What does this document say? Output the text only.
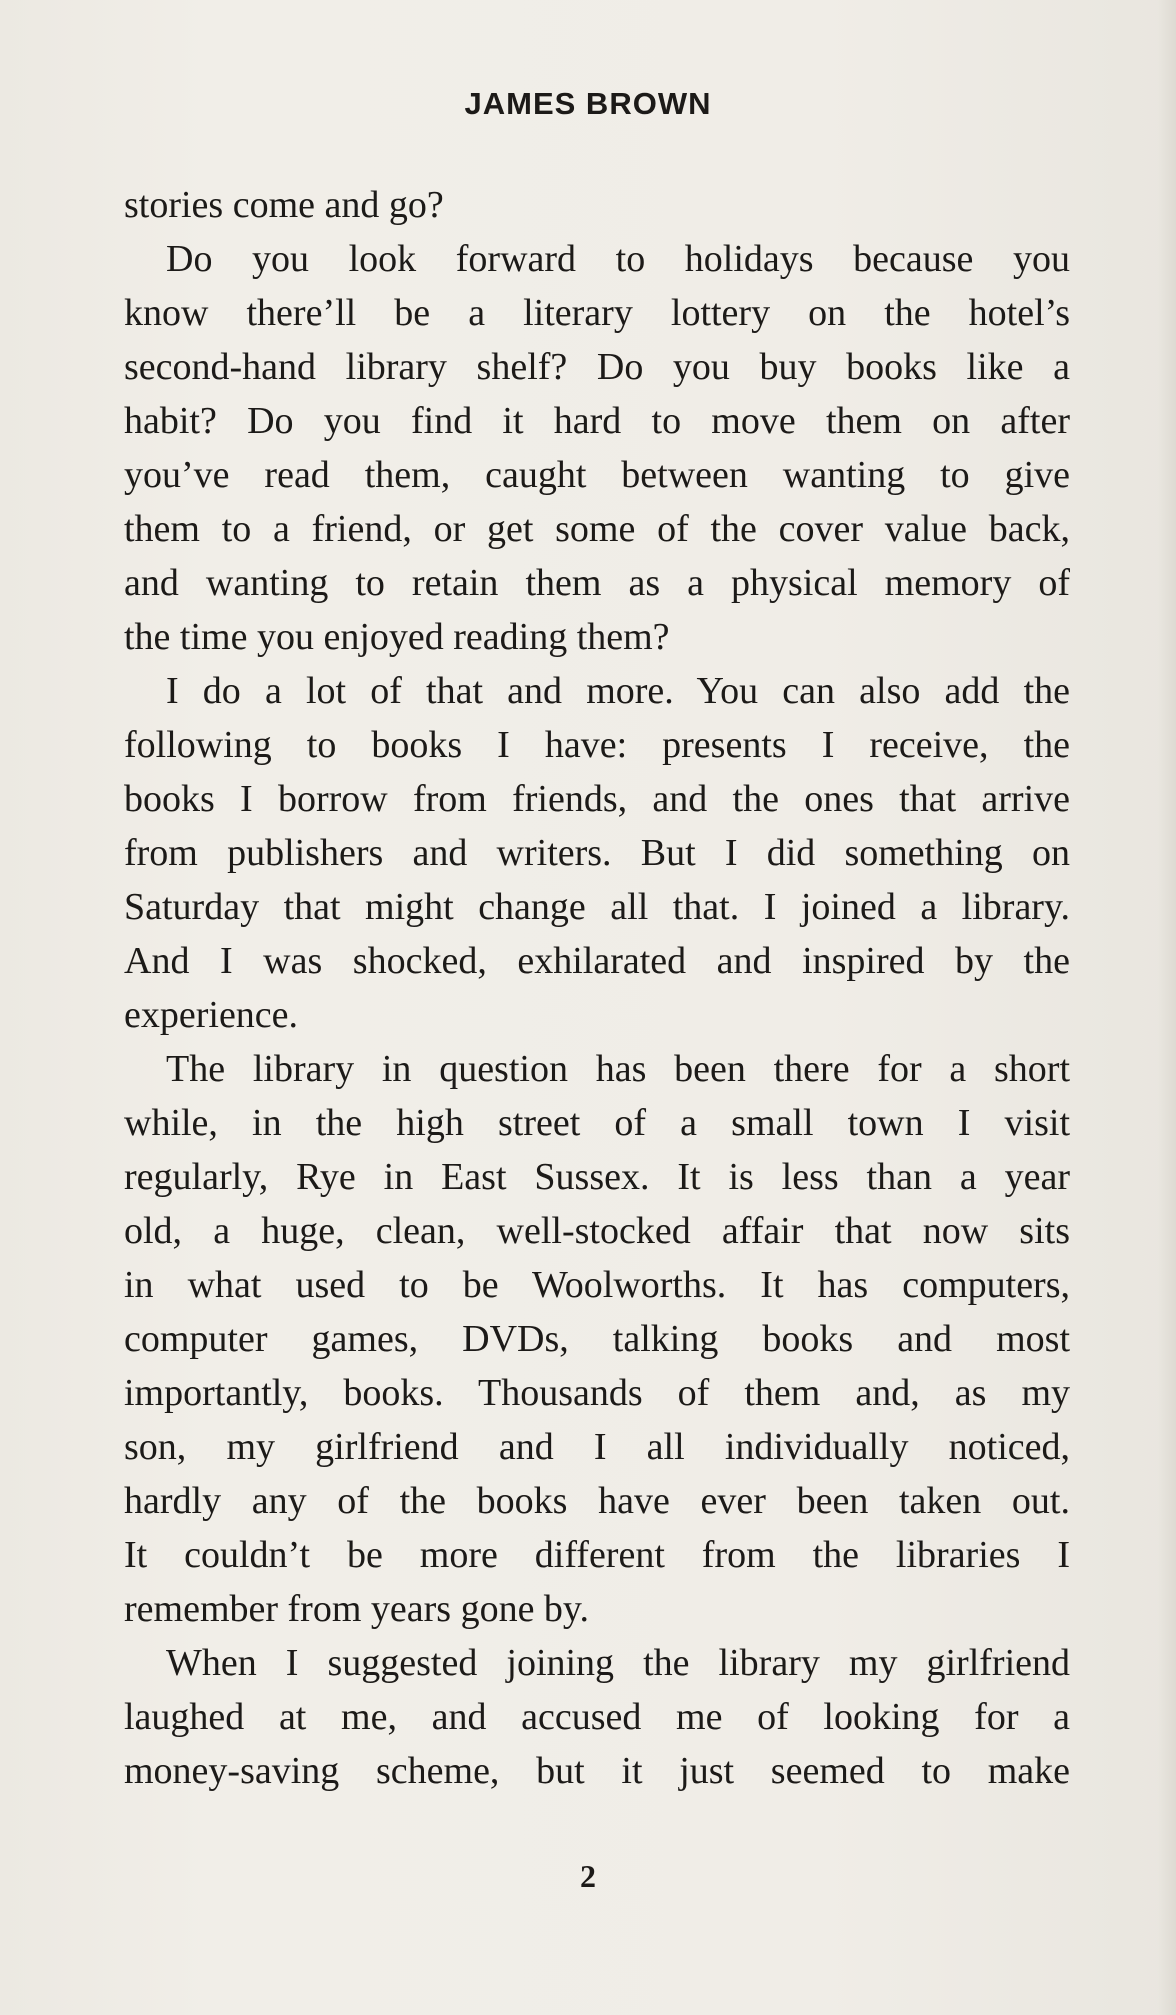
JAMES BROWN
stories come and go?
Do you look forward to holidays because you
know there’ll be a literary lottery on the hotel’s
second-hand library shelf? Do you buy books like a
habit? Do you find it hard to move them on after
you’ve read them, caught between wanting to give
them to a friend, or get some of the cover value back,
and wanting to retain them as a physical memory of
the time you enjoyed reading them?
I do a lot of that and more. You can also add the
following to books I have: presents I receive, the
books I borrow from friends, and the ones that arrive
from publishers and writers. But I did something on
Saturday that might change all that. I joined a library.
And I was shocked, exhilarated and inspired by the
experience.
The library in question has been there for a short
while, in the high street of a small town I visit
regularly, Rye in East Sussex. It is less than a year
old, a huge, clean, well-stocked affair that now sits
in what used to be Woolworths. It has computers,
computer games, DVDs, talking books and most
importantly, books. Thousands of them and, as my
son, my girlfriend and I all individually noticed,
hardly any of the books have ever been taken out.
It couldn’t be more different from the libraries I
remember from years gone by.
When I suggested joining the library my girlfriend
laughed at me, and accused me of looking for a
money-saving scheme, but it just seemed to make
2
